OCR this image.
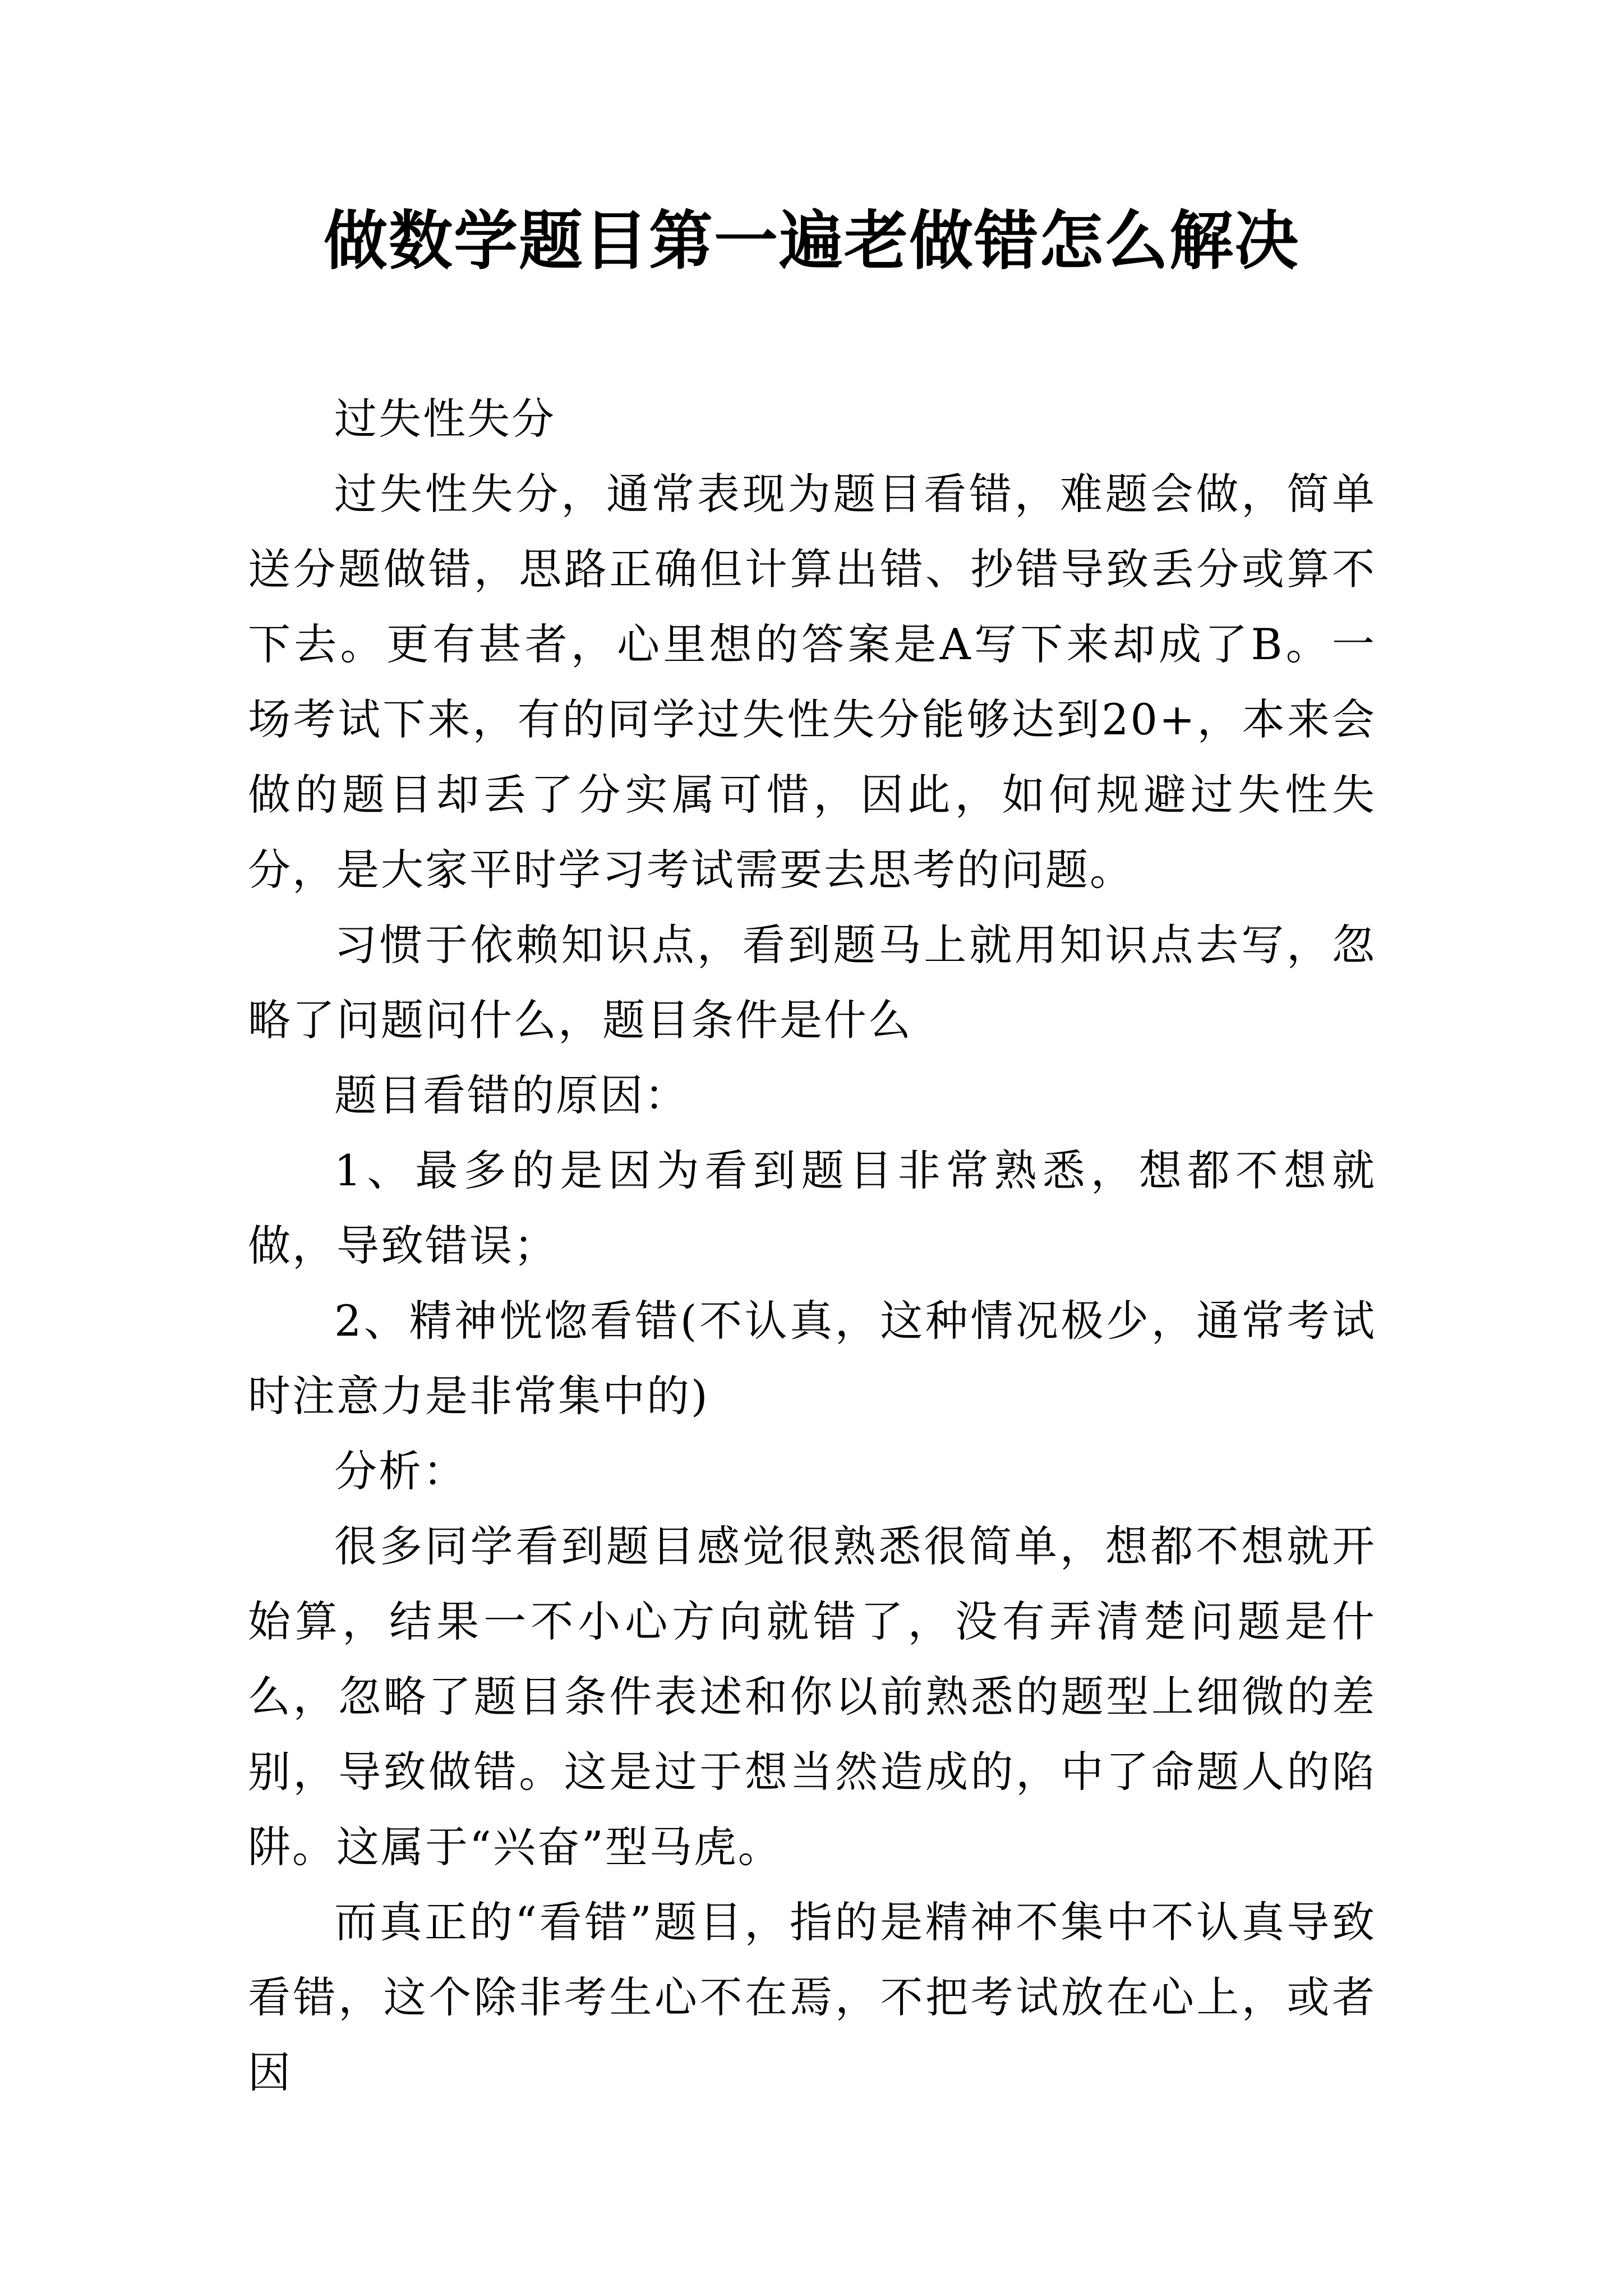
做数学题目第一遍老做错怎么解决

过失性失分

过失性失分，通常表现为题目看错，难题会做，简单送分题做错，思路正确但计算出错、抄错导致丢分或算不下去。更有甚者，心里想的答案是A写下来却成了B。一场考试下来，有的同学过失性失分能够达到20+，本来会做的题目却丢了分实属可惜，因此，如何规避过失性失分，是大家平时学习考试需要去思考的问题。

习惯于依赖知识点，看到题马上就用知识点去写，忽略了问题问什么，题目条件是什么

题目看错的原因：

1、最多的是因为看到题目非常熟悉，想都不想就做，导致错误；

2、精神恍惚看错(不认真，这种情况极少，通常考试时注意力是非常集中的)

分析：

很多同学看到题目感觉很熟悉很简单，想都不想就开始算，结果一不小心方向就错了，没有弄清楚问题是什么，忽略了题目条件表述和你以前熟悉的题型上细微的差别，导致做错。这是过于想当然造成的，中了命题人的陷阱。这属于“兴奋”型马虎。

而真正的“看错”题目，指的是精神不集中不认真导致看错，这个除非考生心不在焉，不把考试放在心上，或者因
